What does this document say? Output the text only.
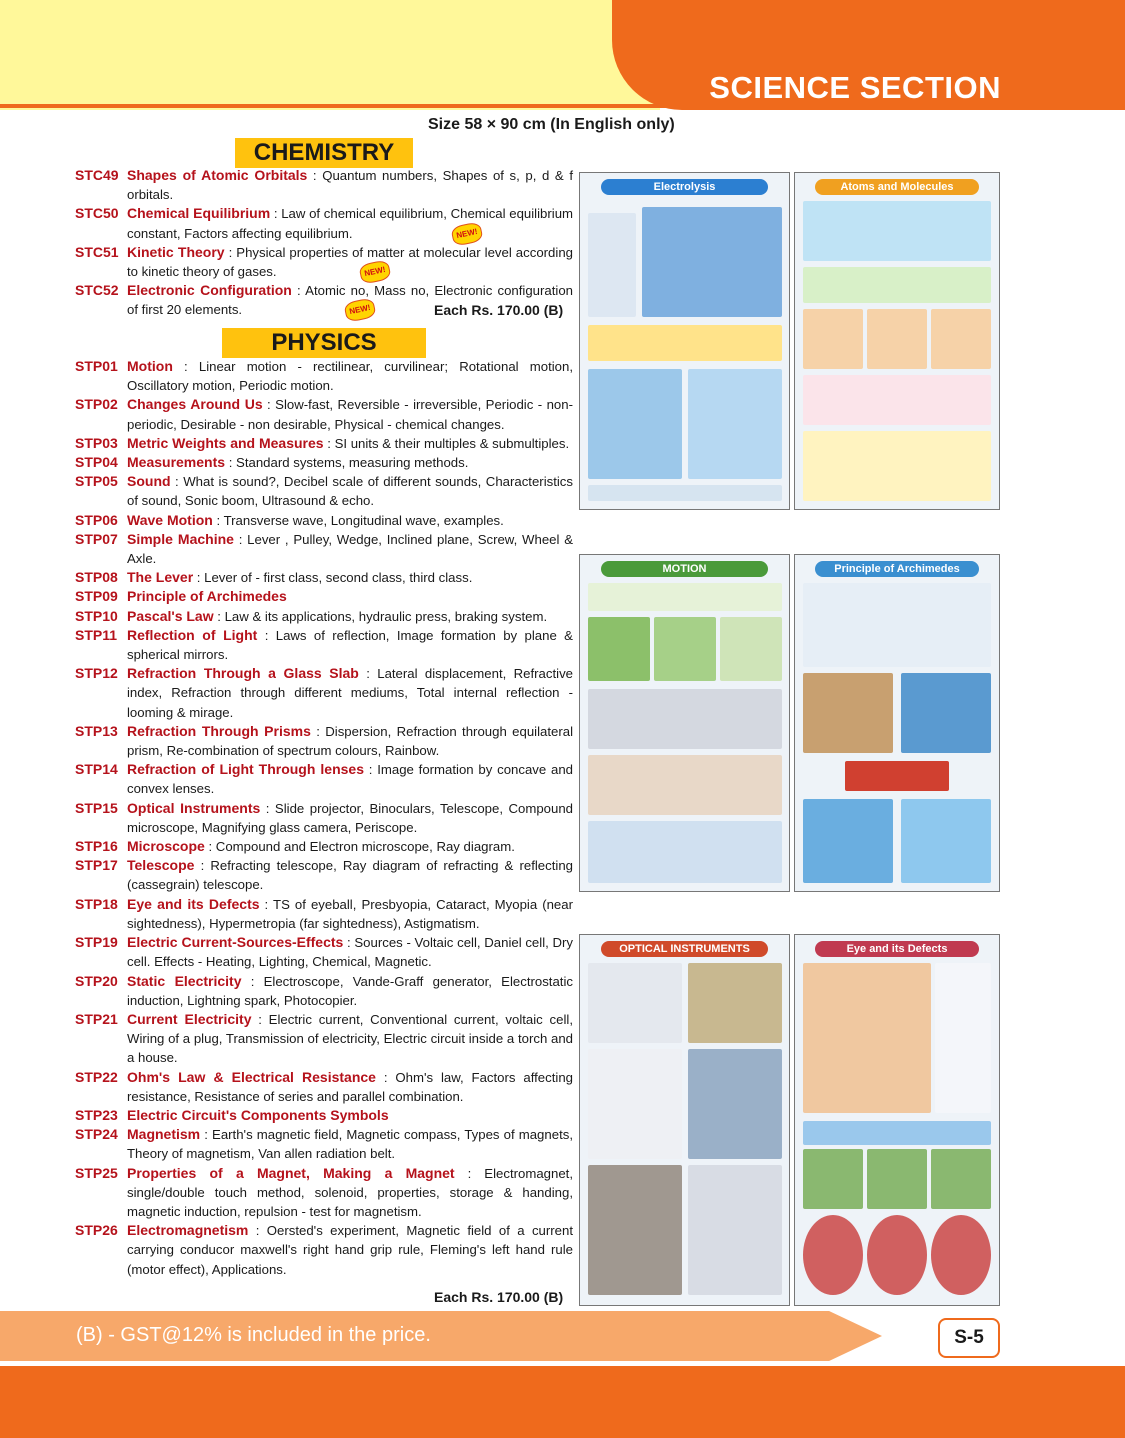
SCIENCE SECTION
Size 58 × 90 cm (In English only)
CHEMISTRY
STC49 Shapes of Atomic Orbitals : Quantum numbers, Shapes of s, p, d & f orbitals.
STC50 Chemical Equilibrium : Law of chemical equilibrium, Chemical equilibrium constant, Factors affecting equilibrium.
STC51 Kinetic Theory : Physical properties of matter at molecular level according to kinetic theory of gases.
STC52 Electronic Configuration : Atomic no, Mass no, Electronic configuration of first 20 elements.	Each Rs. 170.00 (B)
NEW!
NEW!
NEW!
PHYSICS
STP01 Motion : Linear motion - rectilinear, curvilinear; Rotational motion, Oscillatory motion, Periodic motion.
STP02 Changes Around Us : Slow-fast, Reversible - irreversible, Periodic - non-periodic, Desirable - non desirable, Physical - chemical changes.
STP03 Metric Weights and Measures : SI units & their multiples & submultiples.
STP04 Measurements : Standard systems, measuring methods.
STP05 Sound : What is sound?, Decibel scale of different sounds, Characteristics of sound, Sonic boom, Ultrasound & echo.
STP06 Wave Motion : Transverse wave, Longitudinal wave, examples.
STP07 Simple Machine : Lever , Pulley, Wedge, Inclined plane, Screw, Wheel & Axle.
STP08 The Lever : Lever of - first class, second class, third class.
STP09 Principle of Archimedes
STP10 Pascal's Law : Law & its applications, hydraulic press, braking system.
STP11 Reflection of Light : Laws of reflection, Image formation by plane & spherical mirrors.
STP12 Refraction Through a Glass Slab : Lateral displacement, Refractive index, Refraction through different mediums, Total internal reflection - looming & mirage.
STP13 Refraction Through Prisms : Dispersion, Refraction through equilateral prism, Re-combination of spectrum colours, Rainbow.
STP14 Refraction of Light Through lenses : Image formation by concave and convex lenses.
STP15 Optical Instruments : Slide projector, Binoculars, Telescope, Compound microscope, Magnifying glass camera, Periscope.
STP16 Microscope : Compound and Electron microscope, Ray diagram.
STP17 Telescope : Refracting telescope, Ray diagram of refracting & reflecting (cassegrain) telescope.
STP18 Eye and its Defects : TS of eyeball, Presbyopia, Cataract, Myopia (near sightedness), Hypermetropia (far sightedness), Astigmatism.
STP19 Electric Current-Sources-Effects : Sources - Voltaic cell, Daniel cell, Dry cell. Effects - Heating, Lighting, Chemical, Magnetic.
STP20 Static Electricity : Electroscope, Vande-Graff generator, Electrostatic induction, Lightning spark, Photocopier.
STP21 Current Electricity : Electric current, Conventional current, voltaic cell, Wiring of a plug, Transmission of electricity, Electric circuit inside a torch and a house.
STP22 Ohm's Law & Electrical Resistance : Ohm's law, Factors affecting resistance, Resistance of series and parallel combination.
STP23 Electric Circuit's Components Symbols
STP24 Magnetism : Earth's magnetic field, Magnetic compass, Types of magnets, Theory of magnetism, Van allen radiation belt.
STP25 Properties of a Magnet, Making a Magnet : Electromagnet, single/double touch method, solenoid, properties, storage & handing, magnetic induction, repulsion - test for magnetism.
STP26 Electromagnetism : Oersted's experiment, Magnetic field of a current carrying conducor maxwell's right hand grip rule, Fleming's left hand rule (motor effect), Applications.
Each Rs. 170.00 (B)
Electrolysis	Atoms and Molecules
MOTION	Principle of Archimedes
OPTICAL INSTRUMENTS	Eye and its Defects
(B) - GST@12% is included in the price.	S-5
